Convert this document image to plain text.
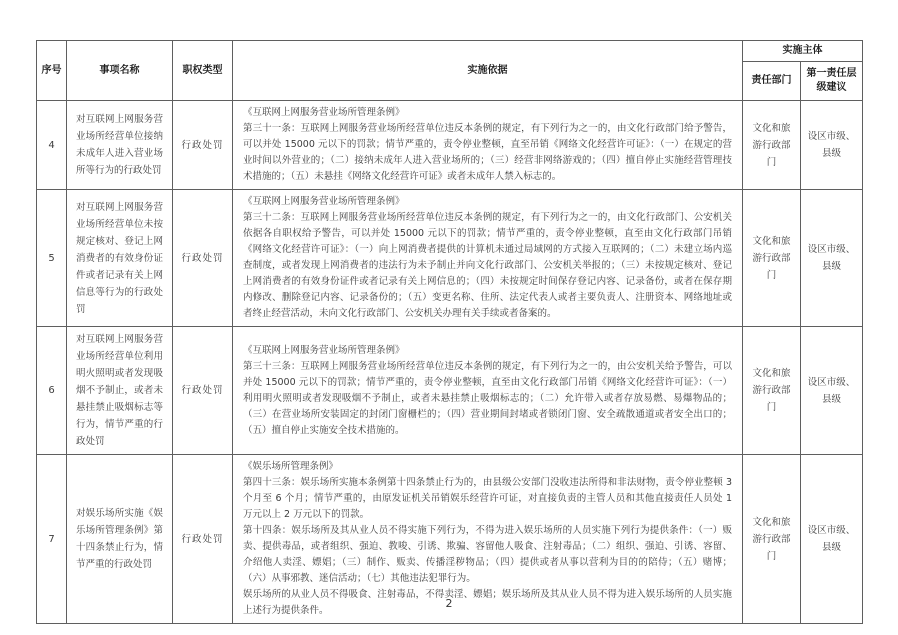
序号	事项名称	职权类型	实施依据	实施主体	
				责任部门	第一责任层级建议
4	对互联网上网服务营业场所经营单位接纳未成年人进入营业场所等行为的行政处罚	行政处罚	《互联网上网服务营业场所管理条例》

第三十一条：互联网上网服务营业场所经营单位违反本条例的规定，有下列行为之一的，由文化行政部门给予警告，可以并处 15000 元以下的罚款；情节严重的，责令停业整顿，直至吊销《网络文化经营许可证》：（一）在规定的营业时间以外营业的；（二）接纳未成年人进入营业场所的；（三）经营非网络游戏的；（四）擅自停止实施经营管理技术措施的；（五）未悬挂《网络文化经营许可证》或者未成年人禁入标志的。	文化和旅游行政部门	设区市级、县级
5	对互联网上网服务营业场所经营单位未按规定核对、登记上网消费者的有效身份证件或者记录有关上网信息等行为的行政处罚	行政处罚	《互联网上网服务营业场所管理条例》

第三十二条：互联网上网服务营业场所经营单位违反本条例的规定，有下列行为之一的，由文化行政部门、公安机关依据各自职权给予警告，可以并处 15000 元以下的罚款；情节严重的，责令停业整顿，直至由文化行政部门吊销《网络文化经营许可证》：（一）向上网消费者提供的计算机未通过局域网的方式接入互联网的；（二）未建立场内巡查制度，或者发现上网消费者的违法行为未予制止并向文化行政部门、公安机关举报的；（三）未按规定核对、登记上网消费者的有效身份证件或者记录有关上网信息的；（四）未按规定时间保存登记内容、记录备份，或者在保存期内修改、删除登记内容、记录备份的；（五）变更名称、住所、法定代表人或者主要负责人、注册资本、网络地址或者终止经营活动，未向文化行政部门、公安机关办理有关手续或者备案的。	文化和旅游行政部门	设区市级、县级
6	对互联网上网服务营业场所经营单位利用明火照明或者发现吸烟不予制止，或者未悬挂禁止吸烟标志等行为，情节严重的行政处罚	行政处罚	《互联网上网服务营业场所管理条例》

第三十三条：互联网上网服务营业场所经营单位违反本条例的规定，有下列行为之一的，由公安机关给予警告，可以并处 15000 元以下的罚款；情节严重的，责令停业整顿，直至由文化行政部门吊销《网络文化经营许可证》：（一）利用明火照明或者发现吸烟不予制止，或者未悬挂禁止吸烟标志的；（二）允许带入或者存放易燃、易爆物品的；（三）在营业场所安装固定的封闭门窗栅栏的；（四）营业期间封堵或者锁闭门窗、安全疏散通道或者安全出口的；（五）擅自停止实施安全技术措施的。	文化和旅游行政部门	设区市级、县级
7	对娱乐场所实施《娱乐场所管理条例》第十四条禁止行为，情节严重的行政处罚	行政处罚	《娱乐场所管理条例》

第四十三条：娱乐场所实施本条例第十四条禁止行为的，由县级公安部门没收违法所得和非法财物，责令停业整顿 3 个月至 6 个月；情节严重的，由原发证机关吊销娱乐经营许可证，对直接负责的主管人员和其他直接责任人员处 1 万元以上 2 万元以下的罚款。

第十四条：娱乐场所及其从业人员不得实施下列行为，不得为进入娱乐场所的人员实施下列行为提供条件：（一）贩卖、提供毒品，或者组织、强迫、教唆、引诱、欺骗、容留他人吸食、注射毒品；（二）组织、强迫、引诱、容留、介绍他人卖淫、嫖娼；（三）制作、贩卖、传播淫秽物品；（四）提供或者从事以营利为目的的陪侍；（五）赌博；（六）从事邪教、迷信活动；（七）其他违法犯罪行为。

娱乐场所的从业人员不得吸食、注射毒品，不得卖淫、嫖娼；娱乐场所及其从业人员不得为进入娱乐场所的人员实施上述行为提供条件。	文化和旅游行政部门	设区市级、县级
2
